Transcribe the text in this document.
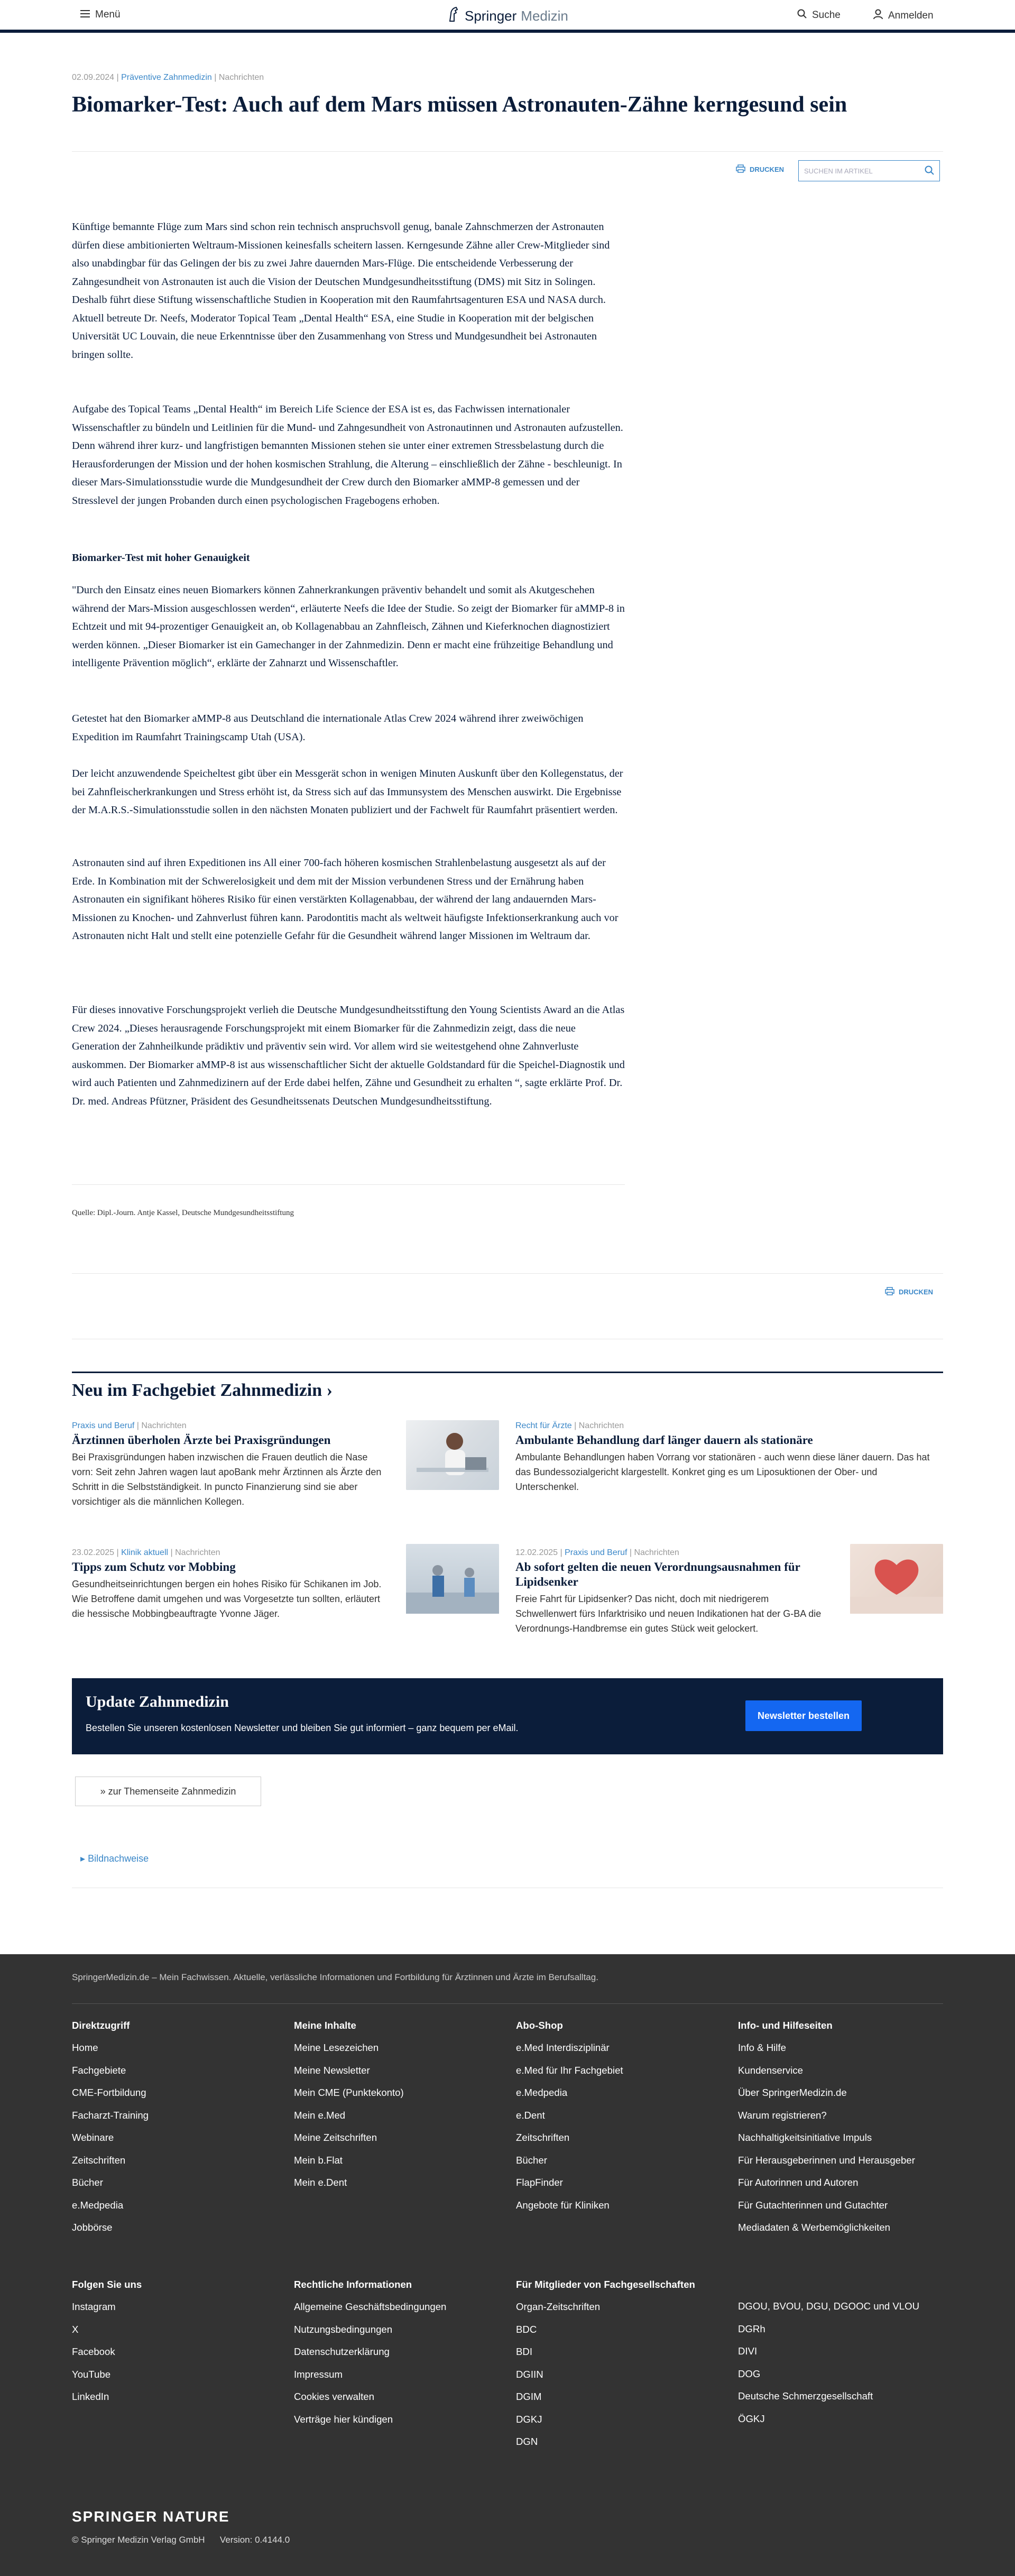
Menü	Springer Medizin	Suche	Anmelden
02.09.2024 | Präventive Zahnmedizin | Nachrichten
Biomarker-Test: Auch auf dem Mars müssen Astronauten-Zähne kerngesund sein
DRUCKEN	SUCHEN IM ARTIKEL

Künftige bemannte Flüge zum Mars sind schon rein technisch anspruchsvoll genug, banale Zahnschmerzen der Astronauten dürfen diese ambitionierten Weltraum-Missionen keinesfalls scheitern lassen. Kerngesunde Zähne aller Crew-Mitglieder sind also unabdingbar für das Gelingen der bis zu zwei Jahre dauernden Mars-Flüge. Die entscheidende Verbesserung der Zahngesundheit von Astronauten ist auch die Vision der Deutschen Mundgesundheitsstiftung (DMS) mit Sitz in Solingen. Deshalb führt diese Stiftung wissenschaftliche Studien in Kooperation mit den Raumfahrtsagenturen ESA und NASA durch. Aktuell betreute Dr. Neefs, Moderator Topical Team „Dental Health“ ESA, eine Studie in Kooperation mit der belgischen Universität UC Louvain, die neue Erkenntnisse über den Zusammenhang von Stress und Mundgesundheit bei Astronauten bringen sollte.

Aufgabe des Topical Teams „Dental Health“ im Bereich Life Science der ESA ist es, das Fachwissen internationaler Wissenschaftler zu bündeln und Leitlinien für die Mund- und Zahngesundheit von Astronautinnen und Astronauten aufzustellen. Denn während ihrer kurz- und langfristigen bemannten Missionen stehen sie unter einer extremen Stressbelastung durch die Herausforderungen der Mission und der hohen kosmischen Strahlung, die Alterung – einschließlich der Zähne - beschleunigt. In dieser Mars-Simulationsstudie wurde die Mundgesundheit der Crew durch den Biomarker aMMP-8 gemessen und der Stresslevel der jungen Probanden durch einen psychologischen Fragebogens erhoben.

Biomarker-Test mit hoher Genauigkeit

"Durch den Einsatz eines neuen Biomarkers können Zahnerkrankungen präventiv behandelt und somit als Akutgeschehen während der Mars-Mission ausgeschlossen werden“, erläuterte Neefs die Idee der Studie. So zeigt der Biomarker für aMMP-8 in Echtzeit und mit 94-prozentiger Genauigkeit an, ob Kollagenabbau an Zahnfleisch, Zähnen und Kieferknochen diagnostiziert werden können. „Dieser Biomarker ist ein Gamechanger in der Zahnmedizin. Denn er macht eine frühzeitige Behandlung und intelligente Prävention möglich“, erklärte der Zahnarzt und Wissenschaftler.

Getestet hat den Biomarker aMMP-8 aus Deutschland die internationale Atlas Crew 2024 während ihrer zweiwöchigen Expedition im Raumfahrt Trainingscamp Utah (USA).

Der leicht anzuwendende Speicheltest gibt über ein Messgerät schon in wenigen Minuten Auskunft über den Kollegenstatus, der bei Zahnfleischerkrankungen und Stress erhöht ist, da Stress sich auf das Immunsystem des Menschen auswirkt. Die Ergebnisse der M.A.R.S.-Simulationsstudie sollen in den nächsten Monaten publiziert und der Fachwelt für Raumfahrt präsentiert werden.

Astronauten sind auf ihren Expeditionen ins All einer 700-fach höheren kosmischen Strahlenbelastung ausgesetzt als auf der Erde. In Kombination mit der Schwerelosigkeit und dem mit der Mission verbundenen Stress und der Ernährung haben Astronauten ein signifikant höheres Risiko für einen verstärkten Kollagenabbau, der während der lang andauernden Mars-Missionen zu Knochen- und Zahnverlust führen kann. Parodontitis macht als weltweit häufigste Infektionserkrankung auch vor Astronauten nicht Halt und stellt eine potenzielle Gefahr für die Gesundheit während langer Missionen im Weltraum dar.

Für dieses innovative Forschungsprojekt verlieh die Deutsche Mundgesundheitsstiftung den Young Scientists Award an die Atlas Crew 2024. „Dieses herausragende Forschungsprojekt mit einem Biomarker für die Zahnmedizin zeigt, dass die neue Generation der Zahnheilkunde prädiktiv und präventiv sein wird. Vor allem wird sie weitestgehend ohne Zahnverluste auskommen. Der Biomarker aMMP-8 ist aus wissenschaftlicher Sicht der aktuelle Goldstandard für die Speichel-Diagnostik und wird auch Patienten und Zahnmedizinern auf der Erde dabei helfen, Zähne und Gesundheit zu erhalten “, sagte erklärte Prof. Dr. Dr. med. Andreas Pfützner, Präsident des Gesundheitssenats Deutschen Mundgesundheitsstiftung.

Quelle: Dipl.-Journ. Antje Kassel, Deutsche Mundgesundheitsstiftung
DRUCKEN
Neu im Fachgebiet Zahnmedizin ›
Praxis und Beruf | Nachrichten
Ärztinnen überholen Ärzte bei Praxisgründungen
Bei Praxisgründungen haben inzwischen die Frauen deutlich die Nase vorn: Seit zehn Jahren wagen laut apoBank mehr Ärztinnen als Ärzte den Schritt in die Selbstständigkeit. In puncto Finanzierung sind sie aber vorsichtiger als die männlichen Kollegen.
Recht für Ärzte | Nachrichten
Ambulante Behandlung darf länger dauern als stationäre
Ambulante Behandlungen haben Vorrang vor stationären - auch wenn diese läner dauern. Das hat das Bundessozialgericht klargestellt. Konkret ging es um Liposuktionen der Ober- und Unterschenkel.
23.02.2025 | Klinik aktuell | Nachrichten
Tipps zum Schutz vor Mobbing
Gesundheitseinrichtungen bergen ein hohes Risiko für Schikanen im Job. Wie Betroffene damit umgehen und was Vorgesetzte tun sollten, erläutert die hessische Mobbingbeauftragte Yvonne Jäger.
12.02.2025 | Praxis und Beruf | Nachrichten
Ab sofort gelten die neuen Verordnungsausnahmen für Lipidsenker
Freie Fahrt für Lipidsenker? Das nicht, doch mit niedrigerem Schwellenwert fürs Infarktrisiko und neuen Indikationen hat der G-BA die Verordnungs-Handbremse ein gutes Stück weit gelockert.
Update Zahnmedizin

Bestellen Sie unseren kostenlosen Newsletter und bleiben Sie gut informiert – ganz bequem per eMail.

Newsletter bestellen
» zur Themenseite Zahnmedizin
▸ Bildnachweise
SpringerMedizin.de – Mein Fachwissen. Aktuelle, verlässliche Informationen und Fortbildung für Ärztinnen und Ärzte im Berufsalltag.
Direktzugriff
Home
Fachgebiete
CME-Fortbildung
Facharzt-Training
Webinare
Zeitschriften
Bücher
e.Medpedia
Jobbörse
Meine Inhalte
Meine Lesezeichen
Meine Newsletter
Mein CME (Punktekonto)
Mein e.Med
Meine Zeitschriften
Mein b.Flat
Mein e.Dent
Abo-Shop
e.Med Interdisziplinär
e.Med für Ihr Fachgebiet
e.Medpedia
e.Dent
Zeitschriften
Bücher
FlapFinder
Angebote für Kliniken
Info- und Hilfeseiten
Info & Hilfe
Kundenservice
Über SpringerMedizin.de
Warum registrieren?
Nachhaltigkeitsinitiative Impuls
Für Herausgeberinnen und Herausgeber
Für Autorinnen und Autoren
Für Gutachterinnen und Gutachter
Mediadaten & Werbemöglichkeiten
Folgen Sie uns
Instagram
X
Facebook
YouTube
LinkedIn
Rechtliche Informationen
Allgemeine Geschäftsbedingungen
Nutzungsbedingungen
Datenschutzerklärung
Impressum
Cookies verwalten
Verträge hier kündigen
Für Mitglieder von Fachgesellschaften
Organ-Zeitschriften
BDC
BDI
DGIIN
DGIM
DGKJ
DGN
DGOU, BVOU, DGU, DGOOC und VLOU
DGRh
DIVI
DOG
Deutsche Schmerzgesellschaft
ÖGKJ
SPRINGER NATURE
© Springer Medizin Verlag GmbH Version: 0.4144.0
